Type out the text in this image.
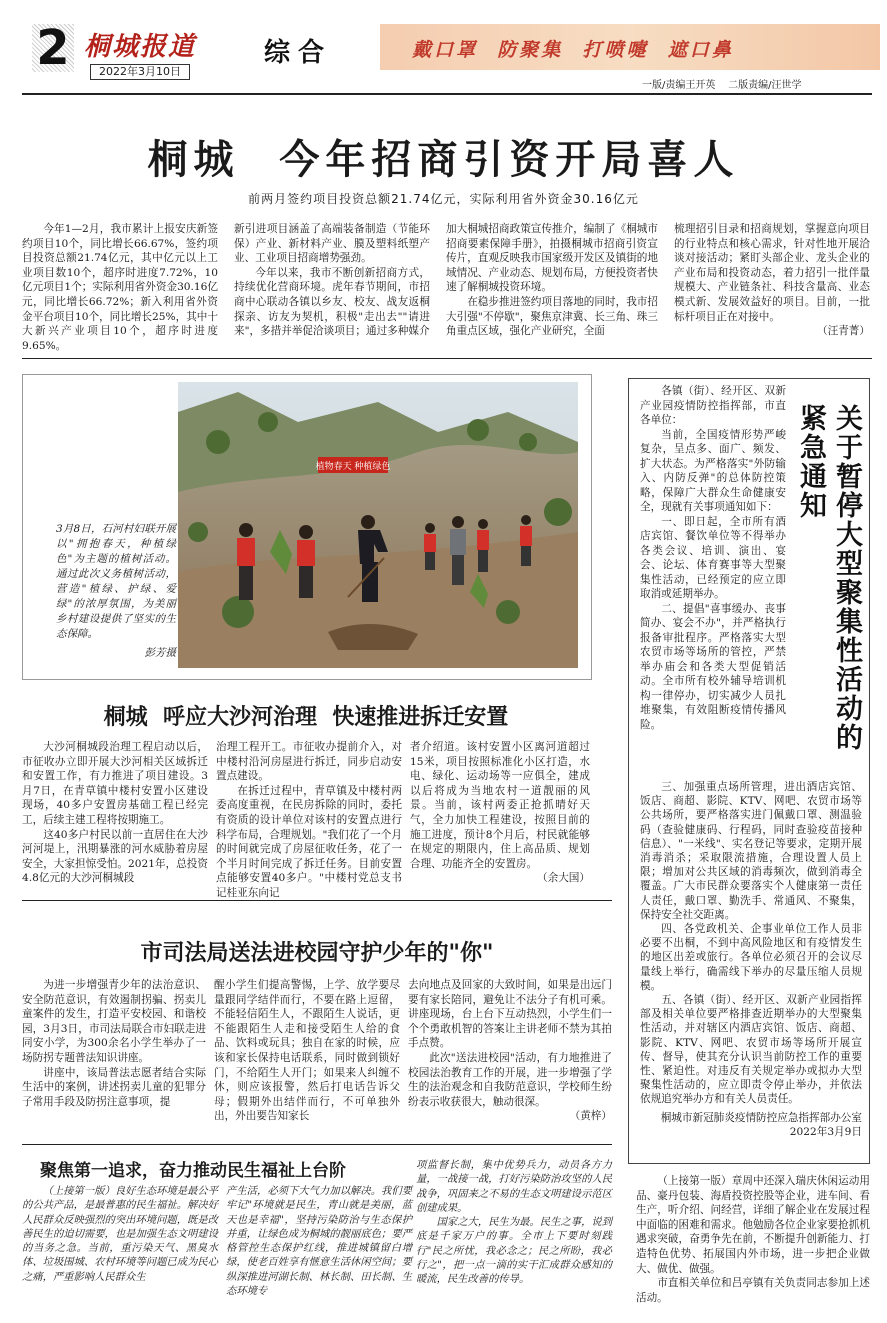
2 桐城报道	综合
2022年3月10日
戴口罩  防聚集  打喷嚏  遮口鼻
一版/责编王开英    二版责编/汪世学
桐城  今年招商引资开局喜人
前两月签约项目投资总额21.74亿元，实际利用省外资金30.16亿元

今年1—2月，我市累计上报安庆新签约项目10个，同比增长66.67%，签约项目投资总额21.74亿元，其中亿元以上工业项目数10个，超序时进度7.72%，10亿元项目1个；实际利用省外资金30.16亿元，同比增长66.72%；新入利用省外资金平台项目10个，同比增长25%，其中十大新兴产业项目10个，超序时进度9.65%。

新引进项目涵盖了高端装备制造（节能环保）产业、新材料产业、膜及塑料纸塑产业、工业项目招商增势强劲。

今年以来，我市不断创新招商方式，持续优化营商环境。虎年春节期间，市招商中心联动各镇以乡友、校友、战友返桐探亲、访友为契机，积极"走出去""请进来"，多措并举促洽谈项目；通过多种媒介

加大桐城招商政策宣传推介，编制了《桐城市招商要素保障手册》，拍摄桐城市招商引资宣传片，直观反映我市国家级开发区及镇街的地域情况、产业动态、规划布局，方便投资者快速了解桐城投资环境。

在稳步推进签约项目落地的同时，我市招大引强"不停歇"，聚焦京津冀、长三角、珠三角重点区域，强化产业研究，全面

梳理招引目录和招商规划，掌握意向项目的行业特点和核心需求，针对性地开展洽谈对接活动；紧盯头部企业、龙头企业的产业布局和投资动态，着力招引一批伴量规模大、产业链条社、科技含量高、业态模式新、发展效益好的项目。目前，一批标杆项目正在对接中。

（汪青菁）

3月8日，石河村妇联开展以"拥抱春天，种植绿色"为主题的植树活动。通过此次义务植树活动，营造"植绿、护绿、爱绿"的浓厚氛围，为美丽乡村建设提供了坚实的生态保障。
彭芳摄
植物春天 种植绿色
桐城  呼应大沙河治理  快速推进拆迁安置

大沙河桐城段治理工程启动以后，市征收办立即开展大沙河相关区域拆迁和安置工作，有力推进了项目建设。3月7日，在青草镇中楼村安置小区建设现场，40多户安置房基础工程已经完工，后续主建工程将按期施工。

这40多户村民以前一直居住在大沙河河堤上，汛期暴涨的河水威胁着房屋安全，大家担惊受怕。2021年，总投资4.8亿元的大沙河桐城段

治理工程开工。市征收办提前介入，对中楼村沿河房屋进行拆迁，同步启动安置点建设。

在拆迁过程中，青草镇及中楼村两委高度重视，在民房拆除的同时，委托有资质的设计单位对该村的安置点进行科学布局，合理规划。"我们花了一个月的时间就完成了房屋征收任务，花了一个半月时间完成了拆迁任务。目前安置点能够安置40多户。"中楼村党总支书记桂亚东向记

者介绍道。该村安置小区离河道超过15米，项目按照标准化小区打造，水电、绿化、运动场等一应俱全，建成以后将成为当地农村一道靓丽的风景。当前，该村两委正抢抓晴好天气，全力加快工程建设，按照目前的施工进度，预计8个月后，村民就能够在规定的期限内，住上高品质、规划合理、功能齐全的安置房。

（余大国）

市司法局送法进校园守护少年的"你"

为进一步增强青少年的法治意识、安全防范意识，有效遏制拐骗、拐卖儿童案件的发生，打造平安校园、和谐校园，3月3日，市司法局联合市妇联走进同安小学，为300余名小学生举办了一场防拐专题普法知识讲座。

讲座中，该局普法志愿者结合实际生活中的案例，讲述拐卖儿童的犯罪分子常用手段及防拐注意事项，提

醒小学生们提高警惕，上学、放学要尽量跟同学结伴而行，不要在路上逗留，不能轻信陌生人，不跟陌生人说话，更不能跟陌生人走和接受陌生人给的食品、饮料或玩具；独自在家的时候，应该和家长保持电话联系，同时做到锁好门，不给陌生人开门；如果来人纠缠不休，则应该报警，然后打电话告诉父母；假期外出结伴而行，不可单独外出，外出要告知家长

去向地点及回家的大致时间，如果是出远门要有家长陪同，避免让不法分子有机可乘。讲座现场，台上台下互动热烈，小学生们一个个勇敢机智的答案让主讲老师不禁为其拍手点赞。

此次"送法进校园"活动，有力地推进了校园法治教育工作的开展，进一步增强了学生的法治观念和自我防范意识，学校师生纷纷表示收获很大，触动很深。

（黄梓）

聚焦第一追求，奋力推动民生福祉上台阶

（上接第一版）良好生态环境是最公平的公共产品，是最普惠的民生福祉。解决好人民群众反映强烈的突出环境问题，既是改善民生的迫切需要，也是加强生态文明建设的当务之急。当前，重污染天气、黑臭水体、垃圾围城、农村环境等问题已成为民心之痛，严重影响人民群众生

产生活，必须下大气力加以解决。我们要牢记"环境就是民生，青山就是美丽，蓝天也是幸福"，坚持污染防治与生态保护并重，让绿色成为桐城的靓丽底色；要严格管控生态保护红线，推进城镇留白增绿，使老百姓享有惬意生活休闲空间；要纵深推进河湖长制、林长制、田长制、生态环境专

项监督长制，集中优势兵力，动员各方力量，一战接一战，打好污染防治攻坚的人民战争，巩固来之不易的生态文明建设示范区创建成果。

国家之大，民生为最。民生之事，说到底是千家万户的事。全市上下要时刻践行"民之所忧，我必念之；民之所盼，我必行之"，把一点一滴的实干汇成群众感知的暖流，民生改善的传导。

关于暂停大型聚集性活动的紧急通知

各镇（街）、经开区、双新产业园疫情防控指挥部，市直各单位：

当前，全国疫情形势严峻复杂，呈点多、面广、频发、扩大状态。为严格落实"外防输入、内防反弹"的总体防控策略，保障广大群众生命健康安全，现就有关事项通知如下：

一、即日起，全市所有酒店宾馆、餐饮单位等不得举办各类会议、培训、演出、宴会、论坛、体育赛事等大型聚集性活动，已经预定的应立即取消或延期举办。

二、提倡"喜事缓办、丧事简办、宴会不办"，并严格执行报备审批程序。严格落实大型农贸市场等场所的管控，严禁举办庙会和各类大型促销活动。全市所有校外辅导培训机构一律停办，切实减少人员扎堆聚集，有效阻断疫情传播风险。

三、加强重点场所管理，进出酒店宾馆、饭店、商超、影院、KTV、网吧、农贸市场等公共场所，要严格落实进门佩戴口罩、测温验码（查验健康码、行程码，同时查验疫苗接种信息）、"一米线"、实名登记等要求，定期开展消毒消杀；采取限流措施，合理设置人员上限；增加对公共区域的消毒频次，做到消毒全覆盖。广大市民群众要落实个人健康第一责任人责任，戴口罩、勤洗手、常通风、不聚集，保持安全社交距离。

四、各党政机关、企事业单位工作人员非必要不出桐，不到中高风险地区和有疫情发生的地区出差或旅行。各单位必须召开的会议尽量线上举行，确需线下举办的尽量压缩人员规模。

五、各镇（街）、经开区、双新产业园指挥部及相关单位要严格排查近期举办的大型聚集性活动，并对辖区内酒店宾馆、饭店、商超、影院、KTV、网吧、农贸市场等场所开展宣传、督导，使其充分认识当前防控工作的重要性、紧迫性。对违反有关规定举办或拟办大型聚集性活动的，应立即责令停止举办，并依法依规追究举办方和有关人员责任。

桐城市新冠肺炎疫情防控应急指挥部办公室

2022年3月9日

（上接第一版）章周中还深入瑞庆休闲运动用品、豪丹包装、海盾投资控股等企业，进车间、看生产，听介绍、问经营，详细了解企业在发展过程中面临的困难和需求。他勉励各位企业家要抢抓机遇求突破，奋勇争先在前，不断提升创新能力、打造特色优势、拓展国内外市场，进一步把企业做大、做优、做强。

市直相关单位和吕亭镇有关负责同志参加上述活动。
